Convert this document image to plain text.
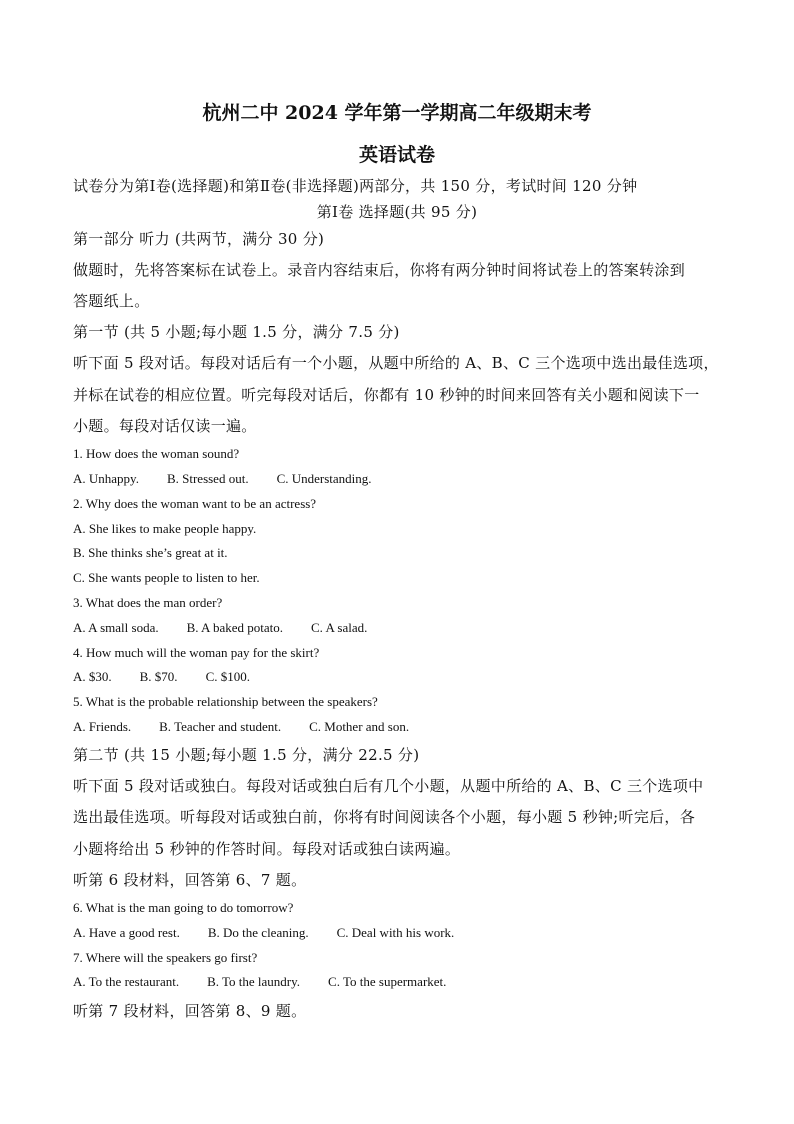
杭州二中 2024 学年第一学期高二年级期末考
英语试卷
试卷分为第Ⅰ卷(选择题)和第Ⅱ卷(非选择题)两部分，共 150 分，考试时间 120 分钟
第Ⅰ卷 选择题(共 95 分)
第一部分 听力 (共两节，满分 30 分)
做题时，先将答案标在试卷上。录音内容结束后，你将有两分钟时间将试卷上的答案转涂到
答题纸上。
第一节 (共 5 小题;每小题 1.5 分，满分 7.5 分)
听下面 5 段对话。每段对话后有一个小题，从题中所给的 A、B、C 三个选项中选出最佳选项，
并标在试卷的相应位置。听完每段对话后，你都有 10 秒钟的时间来回答有关小题和阅读下一
小题。每段对话仅读一遍。
1. How does the woman sound?
A. Unhappy. B. Stressed out. C. Understanding.
2. Why does the woman want to be an actress?
A. She likes to make people happy.
B. She thinks she’s great at it.
C. She wants people to listen to her.
3. What does the man order?
A. A small soda. B. A baked potato. C. A salad.
4. How much will the woman pay for the skirt?
A. $30. B. $70. C. $100.
5. What is the probable relationship between the speakers?
A. Friends. B. Teacher and student. C. Mother and son.
第二节 (共 15 小题;每小题 1.5 分，满分 22.5 分)
听下面 5 段对话或独白。每段对话或独白后有几个小题，从题中所给的 A、B、C 三个选项中
选出最佳选项。听每段对话或独白前，你将有时间阅读各个小题，每小题 5 秒钟;听完后，各
小题将给出 5 秒钟的作答时间。每段对话或独白读两遍。
听第 6 段材料，回答第 6、7 题。
6. What is the man going to do tomorrow?
A. Have a good rest. B. Do the cleaning. C. Deal with his work.
7. Where will the speakers go first?
A. To the restaurant. B. To the laundry. C. To the supermarket.
听第 7 段材料，回答第 8、9 题。
